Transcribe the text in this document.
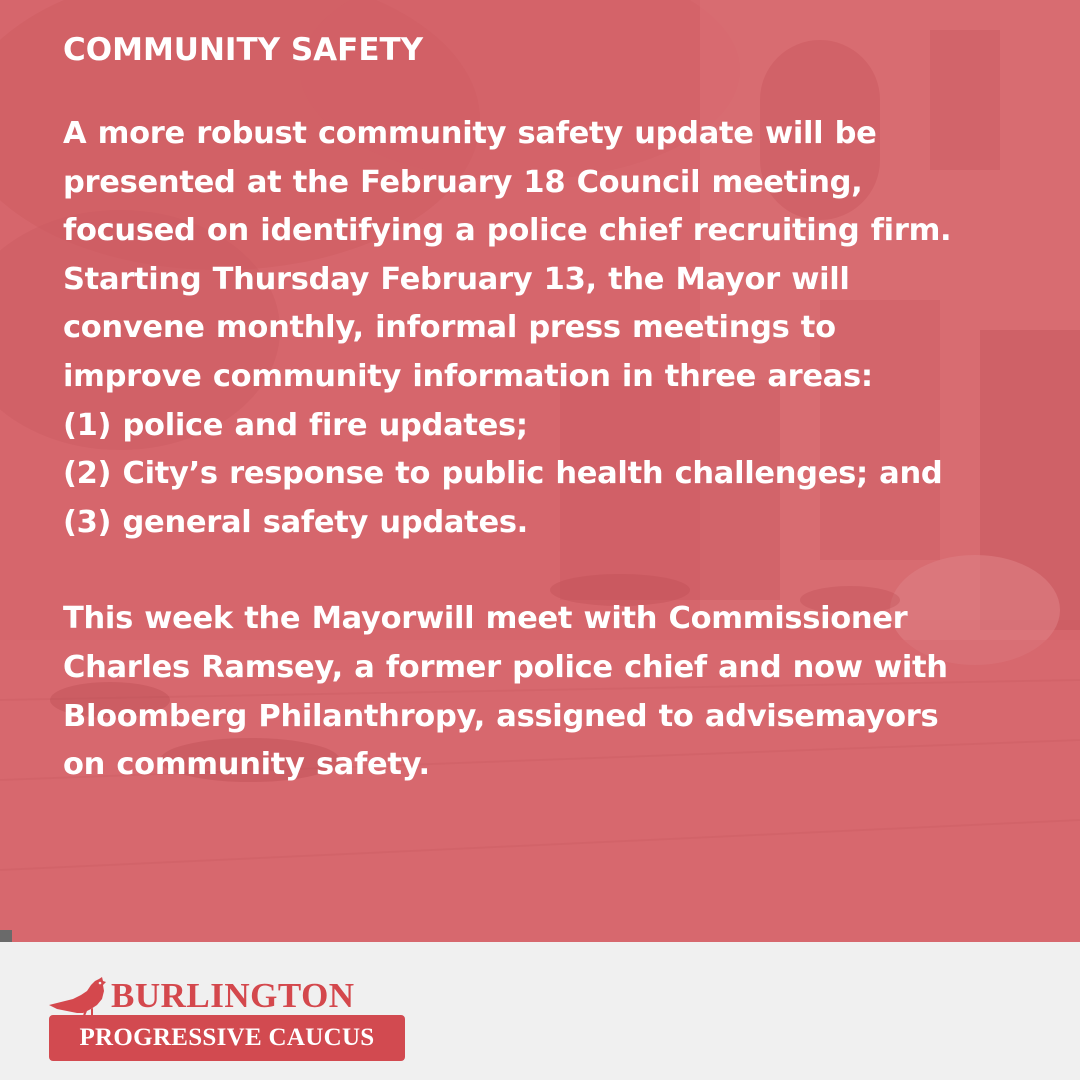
COMMUNITY SAFETY

A more robust community safety update will be
presented at the February 18 Council meeting,
focused on identifying a police chief recruiting firm.
Starting Thursday February 13, the Mayor will
convene monthly, informal press meetings to
improve community information in three areas:
(1) police and fire updates;
(2) City’s response to public health challenges; and
(3) general safety updates.

This week the Mayorwill meet with Commissioner
Charles Ramsey, a former police chief and now with
Bloomberg Philanthropy, assigned to advisemayors
on community safety.

BURLINGTON
PROGRESSIVE CAUCUS
